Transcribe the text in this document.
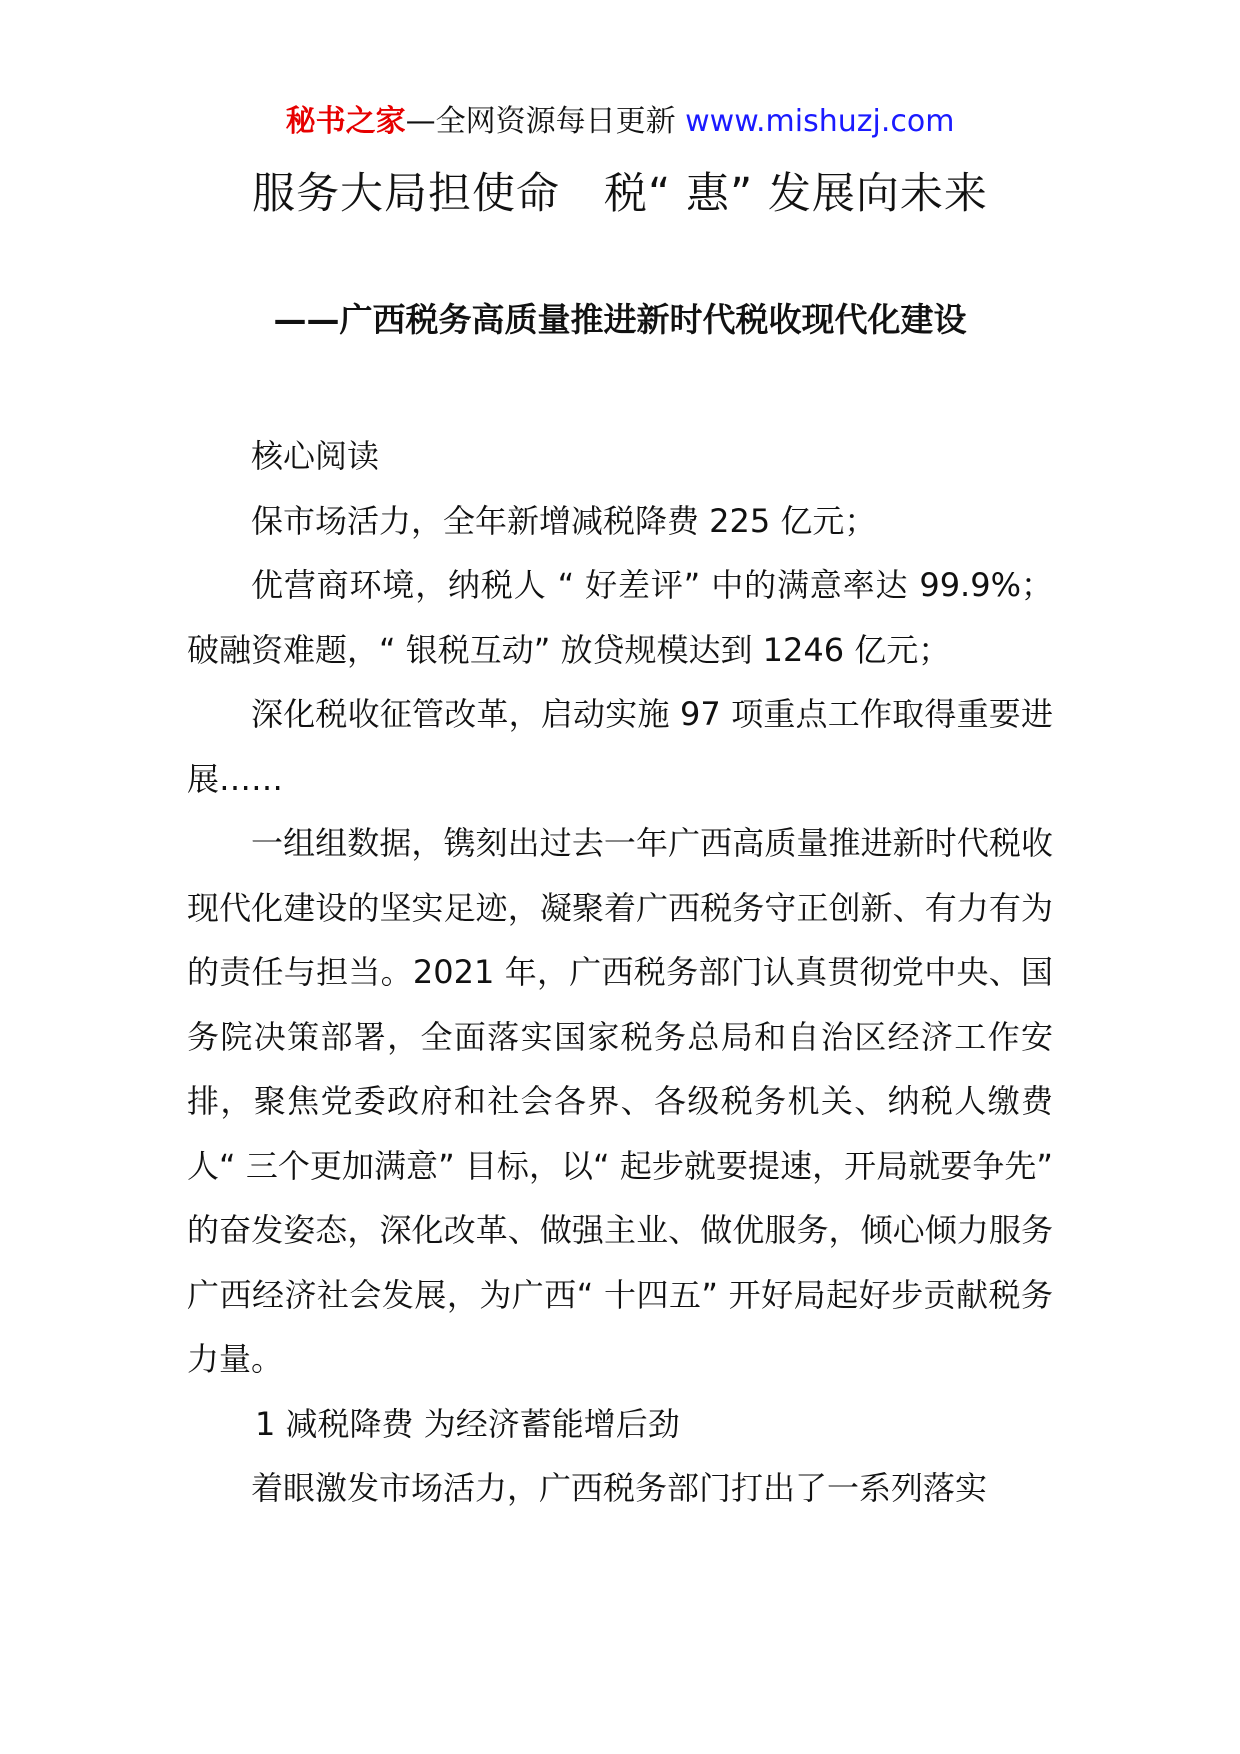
秘书之家—全网资源每日更新 www.mishuzj.com
服务大局担使命　税“ 惠” 发展向未来
——广西税务高质量推进新时代税收现代化建设

核心阅读

保市场活力，全年新增减税降费 225 亿元；

优营商环境，纳税人 “ 好差评” 中的满意率达 99.9%；破融资难题，“ 银税互动” 放贷规模达到 1246 亿元；

深化税收征管改革，启动实施 97 项重点工作取得重要进展……

一组组数据，镌刻出过去一年广西高质量推进新时代税收现代化建设的坚实足迹，凝聚着广西税务守正创新、有力有为的责任与担当。2021 年，广西税务部门认真贯彻党中央、国务院决策部署，全面落实国家税务总局和自治区经济工作安排，聚焦党委政府和社会各界、各级税务机关、纳税人缴费人“ 三个更加满意” 目标，以“ 起步就要提速，开局就要争先” 的奋发姿态，深化改革、做强主业、做优服务，倾心倾力服务广西经济社会发展，为广西“ 十四五” 开好局起好步贡献税务力量。

1 减税降费 为经济蓄能增后劲

着眼激发市场活力，广西税务部门打出了一系列落实
